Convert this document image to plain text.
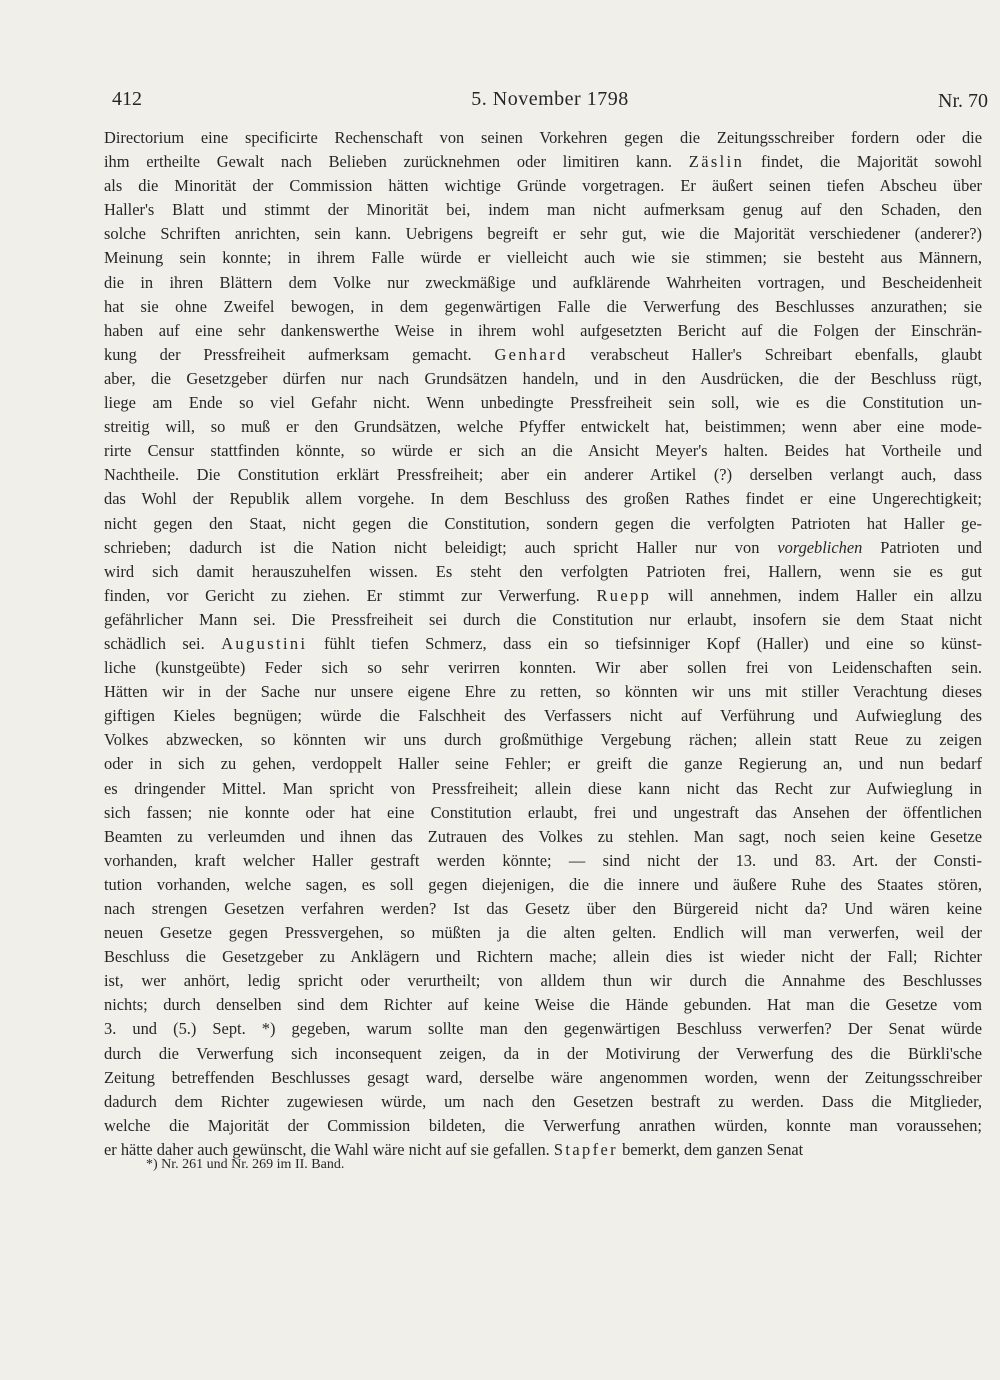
412	5. November 1798	Nr. 70
Directorium eine specificirte Rechenschaft von seinen Vorkehren gegen die Zeitungsschreiber fordern oder die
ihm ertheilte Gewalt nach Belieben zurücknehmen oder limitiren kann. Zäslin findet, die Majorität sowohl
als die Minorität der Commission hätten wichtige Gründe vorgetragen. Er äußert seinen tiefen Abscheu über
Haller's Blatt und stimmt der Minorität bei, indem man nicht aufmerksam genug auf den Schaden, den
solche Schriften anrichten, sein kann. Uebrigens begreift er sehr gut, wie die Majorität verschiedener (anderer?)
Meinung sein konnte; in ihrem Falle würde er vielleicht auch wie sie stimmen; sie besteht aus Männern,
die in ihren Blättern dem Volke nur zweckmäßige und aufklärende Wahrheiten vortragen, und Bescheidenheit
hat sie ohne Zweifel bewogen, in dem gegenwärtigen Falle die Verwerfung des Beschlusses anzurathen; sie
haben auf eine sehr dankenswerthe Weise in ihrem wohl aufgesetzten Bericht auf die Folgen der Einschrän-
kung der Pressfreiheit aufmerksam gemacht. Genhard verabscheut Haller's Schreibart ebenfalls, glaubt
aber, die Gesetzgeber dürfen nur nach Grundsätzen handeln, und in den Ausdrücken, die der Beschluss rügt,
liege am Ende so viel Gefahr nicht. Wenn unbedingte Pressfreiheit sein soll, wie es die Constitution un-
streitig will, so muß er den Grundsätzen, welche Pfyffer entwickelt hat, beistimmen; wenn aber eine mode-
rirte Censur stattfinden könnte, so würde er sich an die Ansicht Meyer's halten. Beides hat Vortheile und
Nachtheile. Die Constitution erklärt Pressfreiheit; aber ein anderer Artikel (?) derselben verlangt auch, dass
das Wohl der Republik allem vorgehe. In dem Beschluss des großen Rathes findet er eine Ungerechtigkeit;
nicht gegen den Staat, nicht gegen die Constitution, sondern gegen die verfolgten Patrioten hat Haller ge-
schrieben; dadurch ist die Nation nicht beleidigt; auch spricht Haller nur von vorgeblichen Patrioten und
wird sich damit herauszuhelfen wissen. Es steht den verfolgten Patrioten frei, Hallern, wenn sie es gut
finden, vor Gericht zu ziehen. Er stimmt zur Verwerfung. Ruepp will annehmen, indem Haller ein allzu
gefährlicher Mann sei. Die Pressfreiheit sei durch die Constitution nur erlaubt, insofern sie dem Staat nicht
schädlich sei. Augustini fühlt tiefen Schmerz, dass ein so tiefsinniger Kopf (Haller) und eine so künst-
liche (kunstgeübte) Feder sich so sehr verirren konnten. Wir aber sollen frei von Leidenschaften sein.
Hätten wir in der Sache nur unsere eigene Ehre zu retten, so könnten wir uns mit stiller Verachtung dieses
giftigen Kieles begnügen; würde die Falschheit des Verfassers nicht auf Verführung und Aufwieglung des
Volkes abzwecken, so könnten wir uns durch großmüthige Vergebung rächen; allein statt Reue zu zeigen
oder in sich zu gehen, verdoppelt Haller seine Fehler; er greift die ganze Regierung an, und nun bedarf
es dringender Mittel. Man spricht von Pressfreiheit; allein diese kann nicht das Recht zur Aufwieglung in
sich fassen; nie konnte oder hat eine Constitution erlaubt, frei und ungestraft das Ansehen der öffentlichen
Beamten zu verleumden und ihnen das Zutrauen des Volkes zu stehlen. Man sagt, noch seien keine Gesetze
vorhanden, kraft welcher Haller gestraft werden könnte; — sind nicht der 13. und 83. Art. der Consti-
tution vorhanden, welche sagen, es soll gegen diejenigen, die die innere und äußere Ruhe des Staates stören,
nach strengen Gesetzen verfahren werden? Ist das Gesetz über den Bürgereid nicht da? Und wären keine
neuen Gesetze gegen Pressvergehen, so müßten ja die alten gelten. Endlich will man verwerfen, weil der
Beschluss die Gesetzgeber zu Anklägern und Richtern mache; allein dies ist wieder nicht der Fall; Richter
ist, wer anhört, ledig spricht oder verurtheilt; von alldem thun wir durch die Annahme des Beschlusses
nichts; durch denselben sind dem Richter auf keine Weise die Hände gebunden. Hat man die Gesetze vom
3. und (5.) Sept. *) gegeben, warum sollte man den gegenwärtigen Beschluss verwerfen? Der Senat würde
durch die Verwerfung sich inconsequent zeigen, da in der Motivirung der Verwerfung des die Bürkli'sche
Zeitung betreffenden Beschlusses gesagt ward, derselbe wäre angenommen worden, wenn der Zeitungsschreiber
dadurch dem Richter zugewiesen würde, um nach den Gesetzen bestraft zu werden. Dass die Mitglieder,
welche die Majorität der Commission bildeten, die Verwerfung anrathen würden, konnte man voraussehen;
er hätte daher auch gewünscht, die Wahl wäre nicht auf sie gefallen. Stapfer bemerkt, dem ganzen Senat
*) Nr. 261 und Nr. 269 im II. Band.
